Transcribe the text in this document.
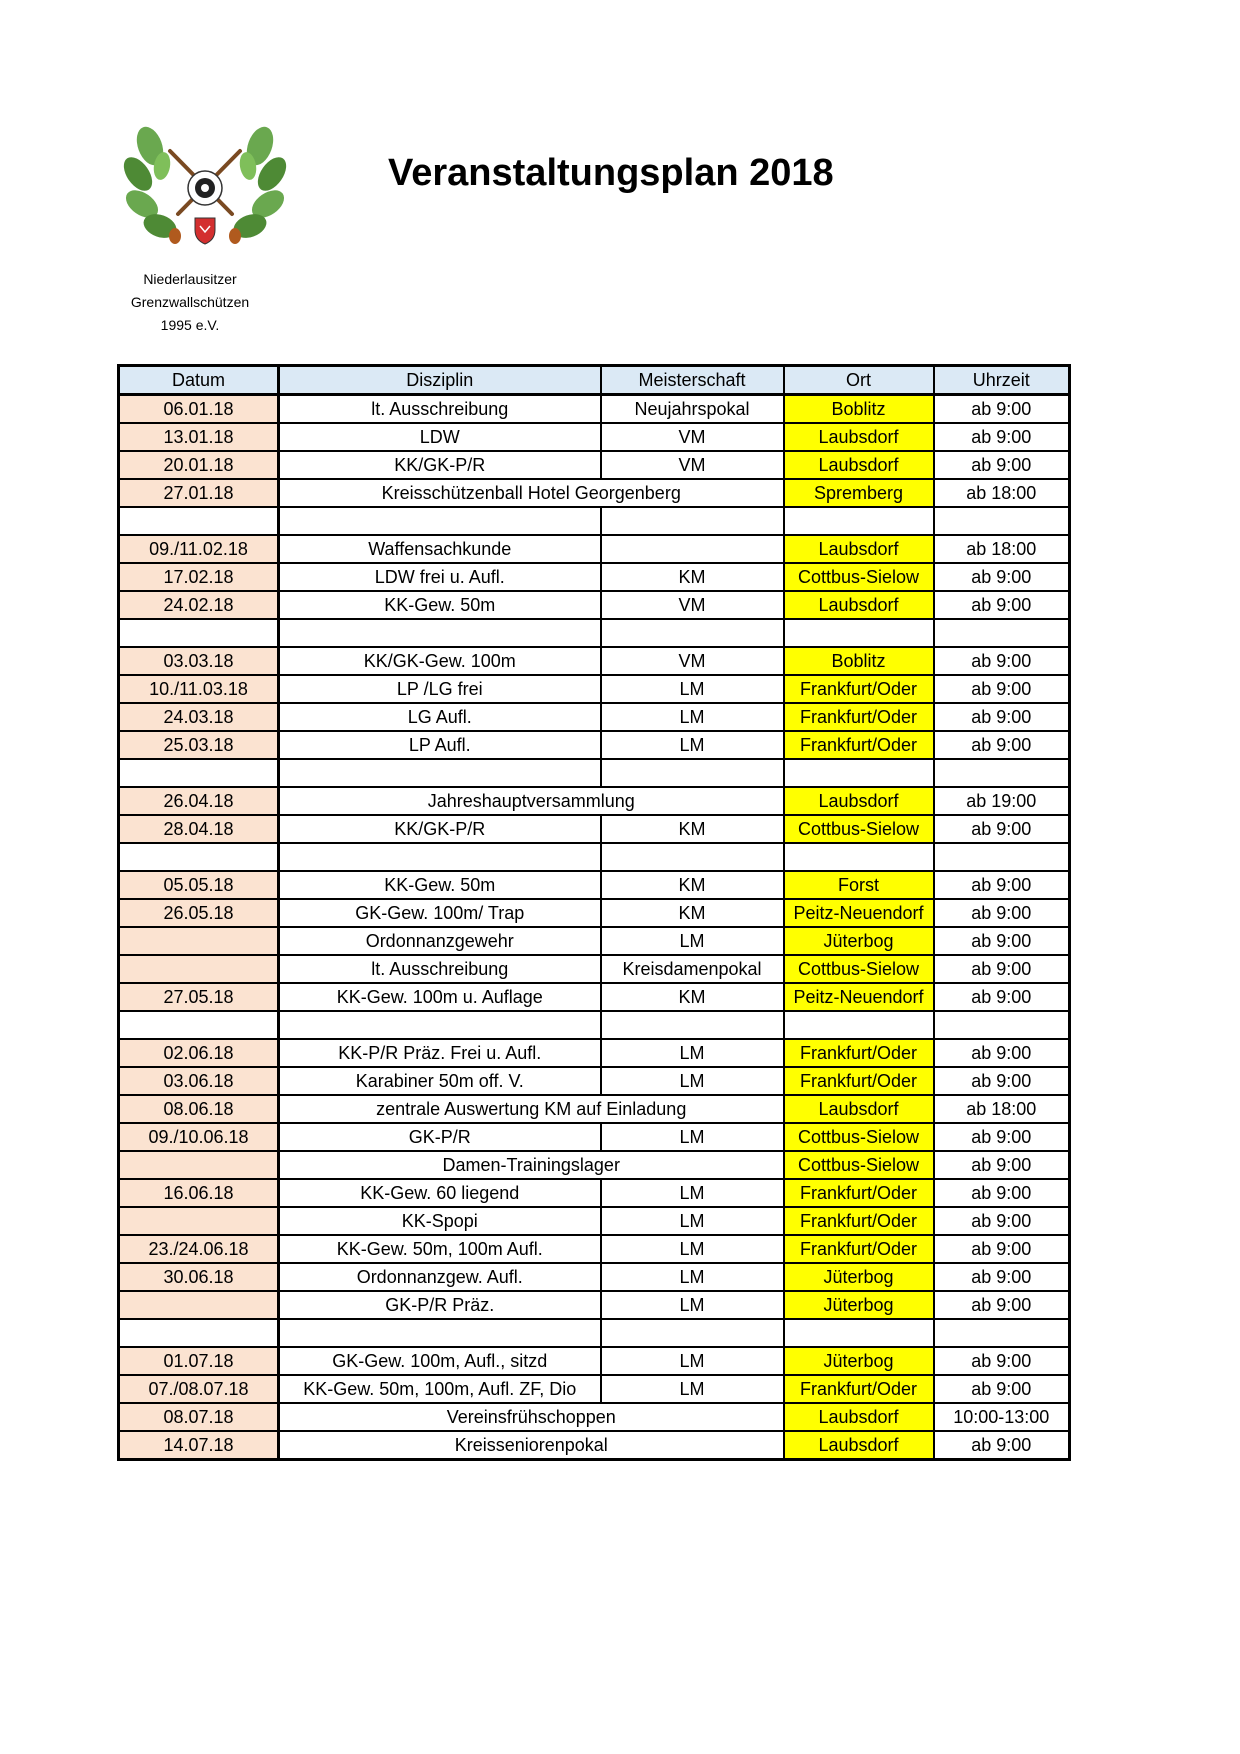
Niederlausitzer
Grenzwallschützen
1995 e.V.
Veranstaltungsplan 2018
Datum	Disziplin	Meisterschaft	Ort	Uhrzeit
06.01.18	lt. Ausschreibung	Neujahrspokal	Boblitz	ab 9:00
13.01.18	LDW	VM	Laubsdorf	ab 9:00
20.01.18	KK/GK-P/R	VM	Laubsdorf	ab 9:00
27.01.18	Kreisschützenball Hotel Georgenberg		Spremberg	ab 18:00

09./11.02.18	Waffensachkunde		Laubsdorf	ab 18:00
17.02.18	LDW frei u. Aufl.	KM	Cottbus-Sielow	ab 9:00
24.02.18	KK-Gew. 50m	VM	Laubsdorf	ab 9:00

03.03.18	KK/GK-Gew. 100m	VM	Boblitz	ab 9:00
10./11.03.18	LP /LG frei	LM	Frankfurt/Oder	ab 9:00
24.03.18	LG Aufl.	LM	Frankfurt/Oder	ab 9:00
25.03.18	LP Aufl.	LM	Frankfurt/Oder	ab 9:00

26.04.18	Jahreshauptversammlung		Laubsdorf	ab 19:00
28.04.18	KK/GK-P/R	KM	Cottbus-Sielow	ab 9:00

05.05.18	KK-Gew. 50m	KM	Forst	ab 9:00
26.05.18	GK-Gew. 100m/ Trap	KM	Peitz-Neuendorf	ab 9:00
	Ordonnanzgewehr	LM	Jüterbog	ab 9:00
	lt. Ausschreibung	Kreisdamenpokal	Cottbus-Sielow	ab 9:00
27.05.18	KK-Gew. 100m u. Auflage	KM	Peitz-Neuendorf	ab 9:00

02.06.18	KK-P/R Präz. Frei u. Aufl.	LM	Frankfurt/Oder	ab 9:00
03.06.18	Karabiner 50m off. V.	LM	Frankfurt/Oder	ab 9:00
08.06.18	zentrale Auswertung KM auf Einladung		Laubsdorf	ab 18:00
09./10.06.18	GK-P/R	LM	Cottbus-Sielow	ab 9:00
	Damen-Trainingslager		Cottbus-Sielow	ab 9:00
16.06.18	KK-Gew. 60 liegend	LM	Frankfurt/Oder	ab 9:00
	KK-Spopi	LM	Frankfurt/Oder	ab 9:00
23./24.06.18	KK-Gew. 50m, 100m Aufl.	LM	Frankfurt/Oder	ab 9:00
30.06.18	Ordonnanzgew. Aufl.	LM	Jüterbog	ab 9:00
	GK-P/R Präz.	LM	Jüterbog	ab 9:00

01.07.18	GK-Gew. 100m, Aufl., sitzd	LM	Jüterbog	ab 9:00
07./08.07.18	KK-Gew. 50m, 100m, Aufl. ZF, Dio	LM	Frankfurt/Oder	ab 9:00
08.07.18	Vereinsfrühschoppen		Laubsdorf	10:00-13:00
14.07.18	Kreisseniorenpokal		Laubsdorf	ab 9:00
